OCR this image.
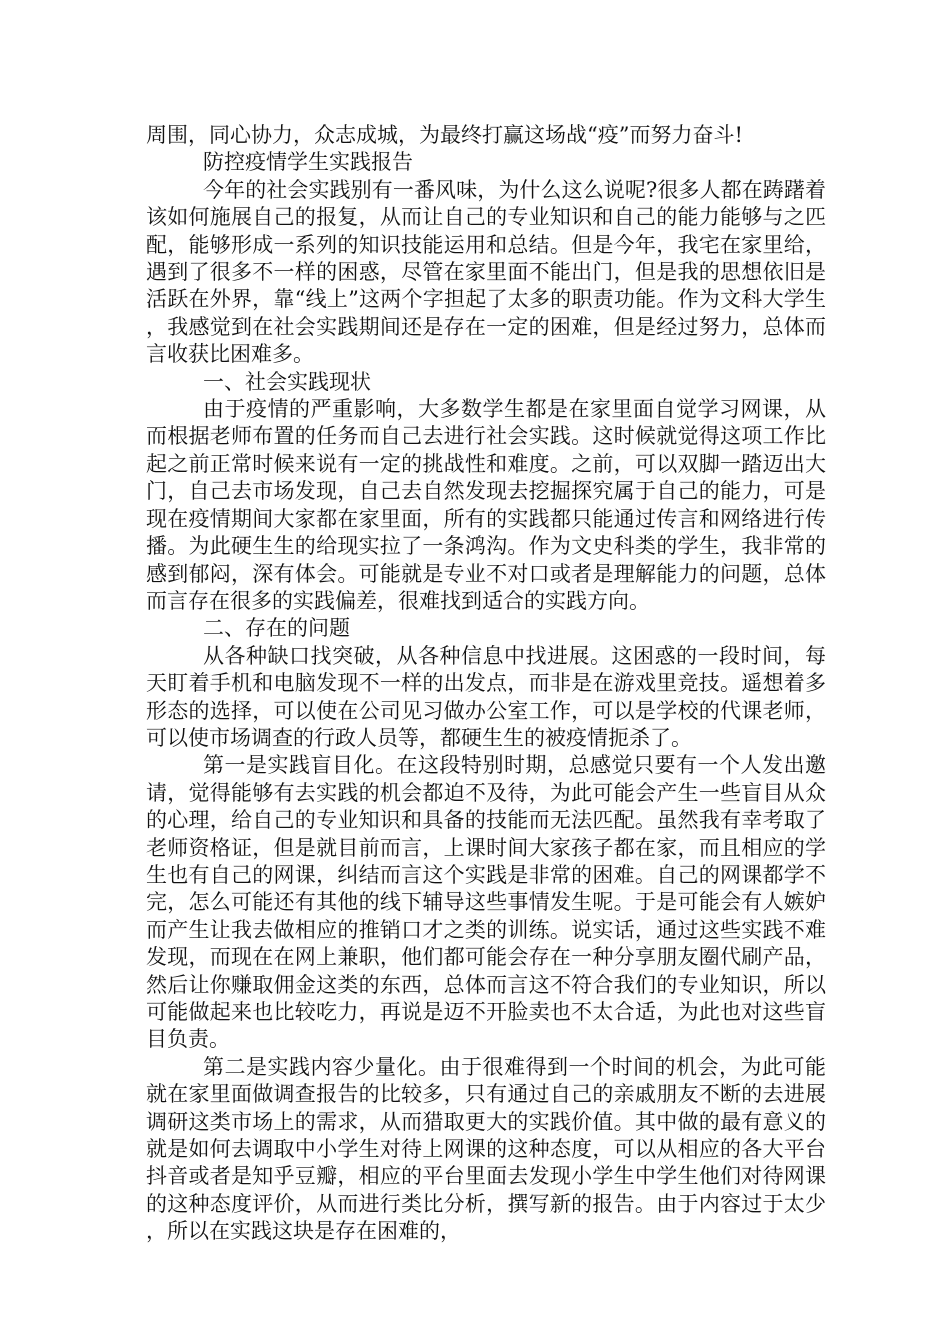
周围，同心协力，众志成城，为最终打赢这场战“疫”而努力奋斗!

防控疫情学生实践报告

今年的社会实践别有一番风味，为什么这么说呢?很多人都在踌躇着该如何施展自己的报复，从而让自己的专业知识和自己的能力能够与之匹配，能够形成一系列的知识技能运用和总结。但是今年，我宅在家里给，遇到了很多不一样的困惑，尽管在家里面不能出门，但是我的思想依旧是活跃在外界，靠“线上”这两个字担起了太多的职责功能。作为文科大学生，我感觉到在社会实践期间还是存在一定的困难，但是经过努力，总体而言收获比困难多。

一、社会实践现状

由于疫情的严重影响，大多数学生都是在家里面自觉学习网课，从而根据老师布置的任务而自己去进行社会实践。这时候就觉得这项工作比起之前正常时候来说有一定的挑战性和难度。之前，可以双脚一踏迈出大门，自己去市场发现，自己去自然发现去挖掘探究属于自己的能力，可是现在疫情期间大家都在家里面，所有的实践都只能通过传言和网络进行传播。为此硬生生的给现实拉了一条鸿沟。作为文史科类的学生，我非常的感到郁闷，深有体会。可能就是专业不对口或者是理解能力的问题，总体而言存在很多的实践偏差，很难找到适合的实践方向。

二、存在的问题

从各种缺口找突破，从各种信息中找进展。这困惑的一段时间，每天盯着手机和电脑发现不一样的出发点，而非是在游戏里竞技。遥想着多形态的选择，可以使在公司见习做办公室工作，可以是学校的代课老师，可以使市场调查的行政人员等，都硬生生的被疫情扼杀了。

第一是实践盲目化。在这段特别时期，总感觉只要有一个人发出邀请，觉得能够有去实践的机会都迫不及待，为此可能会产生一些盲目从众的心理，给自己的专业知识和具备的技能而无法匹配。虽然我有幸考取了老师资格证，但是就目前而言，上课时间大家孩子都在家，而且相应的学生也有自己的网课，纠结而言这个实践是非常的困难。自己的网课都学不完，怎么可能还有其他的线下辅导这些事情发生呢。于是可能会有人嫉妒而产生让我去做相应的推销口才之类的训练。说实话，通过这些实践不难发现，而现在在网上兼职，他们都可能会存在一种分享朋友圈代刷产品，然后让你赚取佣金这类的东西，总体而言这不符合我们的专业知识，所以可能做起来也比较吃力，再说是迈不开脸卖也不太合适，为此也对这些盲目负责。

第二是实践内容少量化。由于很难得到一个时间的机会，为此可能就在家里面做调查报告的比较多，只有通过自己的亲戚朋友不断的去进展调研这类市场上的需求，从而猎取更大的实践价值。其中做的最有意义的就是如何去调取中小学生对待上网课的这种态度，可以从相应的各大平台抖音或者是知乎豆瓣，相应的平台里面去发现小学生中学生他们对待网课的这种态度评价，从而进行类比分析，撰写新的报告。由于内容过于太少，所以在实践这块是存在困难的，
